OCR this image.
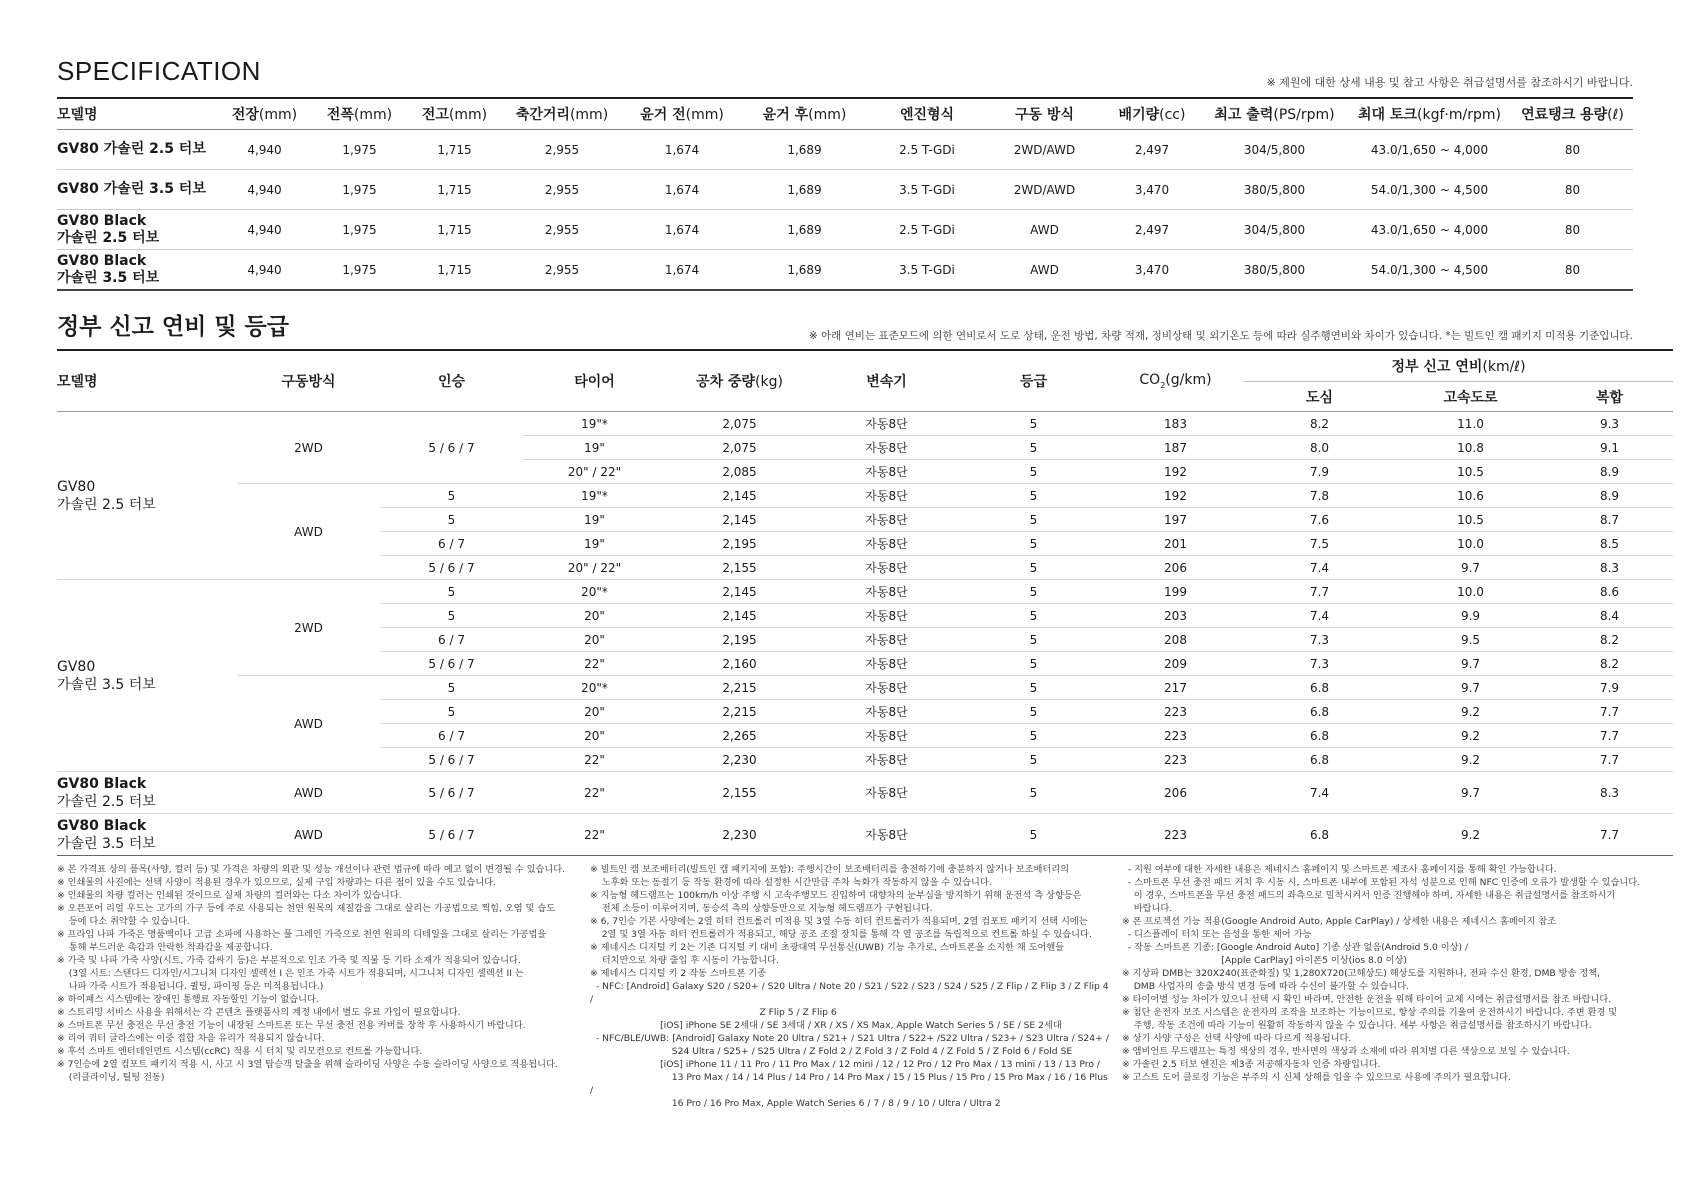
SPECIFICATION	※ 제원에 대한 상세 내용 및 참고 사항은 취급설명서를 참조하시기 바랍니다.
모델명	전장(mm)	전폭(mm)	전고(mm)	축간거리(mm)	윤거 전(mm)	윤거 후(mm)	엔진형식	구동 방식	배기량(cc)	최고 출력(PS/rpm)	최대 토크(kgf·m/rpm)	연료탱크 용량(ℓ)

GV80 가솔린 2.5 터보	4,940	1,975	1,715	2,955	1,674	1,689	2.5 T-GDi	2WD/AWD	2,497	304/5,800	43.0/1,650 ~ 4,000	80

GV80 가솔린 3.5 터보	4,940	1,975	1,715	2,955	1,674	1,689	3.5 T-GDi	2WD/AWD	3,470	380/5,800	54.0/1,300 ~ 4,500	80

GV80 Black
가솔린 2.5 터보	4,940	1,975	1,715	2,955	1,674	1,689	2.5 T-GDi	AWD	2,497	304/5,800	43.0/1,650 ~ 4,000	80

GV80 Black
가솔린 3.5 터보	4,940	1,975	1,715	2,955	1,674	1,689	3.5 T-GDi	AWD	3,470	380/5,800	54.0/1,300 ~ 4,500	80
정부 신고 연비 및 등급	※ 아래 연비는 표준모드에 의한 연비로서 도로 상태, 운전 방법, 차량 적재, 정비상태 및 외기온도 등에 따라 실주행연비와 차이가 있습니다. *는 빌트인 캠 패키지 미적용 기준입니다.
모델명	구동방식	인승	타이어	공차 중량(kg)	변속기	등급	$CO_2(g/km)$	정부 신고 연비(km/ℓ)		
								도심	고속도로	복합

GV80
가솔린 2.5 터보	2WD	5 / 6 / 7	19"*	2,075	자동8단	5	183	8.2	11.0	9.3
			19"	2,075	자동8단	5	187	8.0	10.8	9.1
			20" / 22"	2,085	자동8단	5	192	7.9	10.5	8.9
	AWD	5	19"*	2,145	자동8단	5	192	7.8	10.6	8.9
		5	19"	2,145	자동8단	5	197	7.6	10.5	8.7
		6 / 7	19"	2,195	자동8단	5	201	7.5	10.0	8.5
		5 / 6 / 7	20" / 22"	2,155	자동8단	5	206	7.4	9.7	8.3

GV80
가솔린 3.5 터보	2WD	5	20"*	2,145	자동8단	5	199	7.7	10.0	8.6
		5	20"	2,145	자동8단	5	203	7.4	9.9	8.4
		6 / 7	20"	2,195	자동8단	5	208	7.3	9.5	8.2
		5 / 6 / 7	22"	2,160	자동8단	5	209	7.3	9.7	8.2
	AWD	5	20"*	2,215	자동8단	5	217	6.8	9.7	7.9
		5	20"	2,215	자동8단	5	223	6.8	9.2	7.7
		6 / 7	20"	2,265	자동8단	5	223	6.8	9.2	7.7
		5 / 6 / 7	22"	2,230	자동8단	5	223	6.8	9.2	7.7

GV80 Black
가솔린 2.5 터보	AWD	5 / 6 / 7	22"	2,155	자동8단	5	206	7.4	9.7	8.3

GV80 Black
가솔린 3.5 터보	AWD	5 / 6 / 7	22"	2,230	자동8단	5	223	6.8	9.2	7.7

※ 본 가격표 상의 품목(사양, 컬러 등) 및 가격은 차량의 외관 및 성능 개선이나 관련 법규에 따라 예고 없이 변경될 수 있습니다.

※ 인쇄물의 사진에는 선택 사양이 적용된 경우가 있으므로, 실제 구입 차량과는 다른 점이 있을 수도 있습니다.

※ 인쇄물의 차량 컬러는 인쇄된 것이므로 실제 차량의 컬러와는 다소 차이가 있습니다.

※ 오픈포어 리얼 우드는 고가의 가구 등에 주로 사용되는 천연 원목의 재질감을 그대로 살리는 가공법으로 찍힘, 오염 및 습도
등에 다소 취약할 수 있습니다.

※ 프라임 나파 가죽은 명품백이나 고급 소파에 사용하는 풀 그레인 가죽으로 천연 원피의 디테일을 그대로 살리는 가공법을
통해 부드러운 촉감과 안락한 착좌감을 제공합니다.

※ 가죽 및 나파 가죽 사양(시트, 가죽 감싸기 등)은 부분적으로 인조 가죽 및 직물 등 기타 소재가 적용되어 있습니다.
(3열 시트: 스탠다드 디자인/시그니처 디자인 셀렉션 I 은 인조 가죽 시트가 적용되며, 시그니처 디자인 셀렉션 II 는
나파 가죽 시트가 적용됩니다. 퀼팅, 파이핑 등은 미적용됩니다.)

※ 하이패스 시스템에는 장애인 통행료 자동할인 기능이 없습니다.

※ 스트리밍 서비스 사용을 위해서는 각 콘텐츠 플랫폼사의 계정 내에서 별도 유료 가입이 필요합니다.

※ 스마트폰 무선 충전은 무선 충전 기능이 내장된 스마트폰 또는 무선 충전 전용 커버를 장착 후 사용하시기 바랍니다.

※ 리어 쿼터 글라스에는 이중 접합 차음 유리가 적용되지 않습니다.

※ 후석 스마트 엔터테인먼트 시스템(ccRC) 적용 시 터치 및 리모컨으로 컨트롤 가능합니다.

※ 7인승에 2열 컴포트 패키지 적용 시, 사고 시 3열 탑승객 탈출을 위해 슬라이딩 사양은 수동 슬라이딩 사양으로 적용됩니다.
(리클라이닝, 틸팅 전동)

※ 빌트인 캠 보조배터리(빌트인 캠 패키지에 포함): 주행시간이 보조배터리를 충전하기에 충분하지 않거나 보조배터리의
노후화 또는 동절기 등 작동 환경에 따라 설정한 시간만큼 주차 녹화가 작동하지 않을 수 있습니다.

※ 지능형 헤드램프는 100km/h 이상 주행 시 고속주행모드 진입하여 대향차의 눈부심을 방지하기 위해 운전석 측 상향등은
전체 소등이 이루어지며, 동승석 측의 상향등만으로 지능형 헤드램프가 구현됩니다.

※ 6, 7인승 기본 사양에는 2열 히터 컨트롤러 미적용 및 3열 수동 히터 컨트롤러가 적용되며, 2열 컴포트 패키지 선택 시에는
2열 및 3열 자동 히터 컨트롤러가 적용되고, 해당 공조 조절 장치를 통해 각 열 공조를 독립적으로 컨트롤 하실 수 있습니다.

※ 제네시스 디지털 키 2는 기존 디지털 키 대비 초광대역 무선통신(UWB) 기능 추가로, 스마트폰을 소지한 채 도어핸들
터치만으로 차량 출입 후 시동이 가능합니다.

※ 제네시스 디지털 키 2 작동 스마트폰 기종

- NFC: [Android] Galaxy S20 / S20+ / S20 Ultra / Note 20 / S21 / S22 / S23 / S24 / S25 / Z Flip / Z Flip 3 / Z Flip 4 /
Z Flip 5 / Z Flip 6
[iOS] iPhone SE 2세대 / SE 3세대 / XR / XS / XS Max, Apple Watch Series 5 / SE / SE 2세대

- NFC/BLE/UWB: [Android] Galaxy Note 20 Ultra / S21+ / S21 Ultra / S22+ /S22 Ultra / S23+ / S23 Ultra / S24+ /
S24 Ultra / S25+ / S25 Ultra / Z Fold 2 / Z Fold 3 / Z Fold 4 / Z Fold 5 / Z Fold 6 / Fold SE
[iOS] iPhone 11 / 11 Pro / 11 Pro Max / 12 mini / 12 / 12 Pro / 12 Pro Max / 13 mini / 13 / 13 Pro /
13 Pro Max / 14 / 14 Plus / 14 Pro / 14 Pro Max / 15 / 15 Plus / 15 Pro / 15 Pro Max / 16 / 16 Plus /
16 Pro / 16 Pro Max, Apple Watch Series 6 / 7 / 8 / 9 / 10 / Ultra / Ultra 2

- 지원 여부에 대한 자세한 내용은 제네시스 홈페이지 및 스마트폰 제조사 홈페이지를 통해 확인 가능합니다.

- 스마트폰 무선 충전 패드 거치 후 시동 시, 스마트폰 내부에 포함된 자석 성분으로 인해 NFC 인증에 오류가 발생할 수 있습니다.
이 경우, 스마트폰을 무선 충전 패드의 좌측으로 밀착시켜서 인증 진행해야 하며, 자세한 내용은 취급설명서를 참조하시기
바랍니다.

※ 폰 프로젝션 기능 적용(Google Android Auto, Apple CarPlay) / 상세한 내용은 제네시스 홈페이지 참조
- 디스플레이 터치 또는 음성을 통한 제어 가능
- 작동 스마트폰 기종: [Google Android Auto] 기종 상관 없음(Android 5.0 이상) /
[Apple CarPlay] 아이폰5 이상(ios 8.0 이상)

※ 지상파 DMB는 320X240(표준화질) 및 1,280X720(고해상도) 해상도를 지원하나, 전파 수신 환경, DMB 방송 정책,
DMB 사업자의 송출 방식 변경 등에 따라 수신이 불가할 수 있습니다.

※ 타이어별 성능 차이가 있으니 선택 시 확인 바라며, 안전한 운전을 위해 타이어 교체 시에는 취급설명서를 참조 바랍니다.

※ 첨단 운전자 보조 시스템은 운전자의 조작을 보조하는 기능이므로, 항상 주의를 기울여 운전하시기 바랍니다. 주변 환경 및
주행, 작동 조건에 따라 기능이 원활히 작동하지 않을 수 있습니다. 세부 사항은 취급설명서를 참조하시기 바랍니다.

※ 상기 사양 구성은 선택 사양에 따라 다르게 적용됩니다.

※ 앰비언트 무드램프는 특정 색상의 경우, 반사면의 색상과 소재에 따라 위치별 다른 색상으로 보일 수 있습니다.

※ 가솔린 2.5 터보 엔진은 제3종 저공해자동차 인증 차량입니다.

※ 고스트 도어 클로징 기능은 부주의 시 신체 상해를 입을 수 있으므로 사용에 주의가 필요합니다.
